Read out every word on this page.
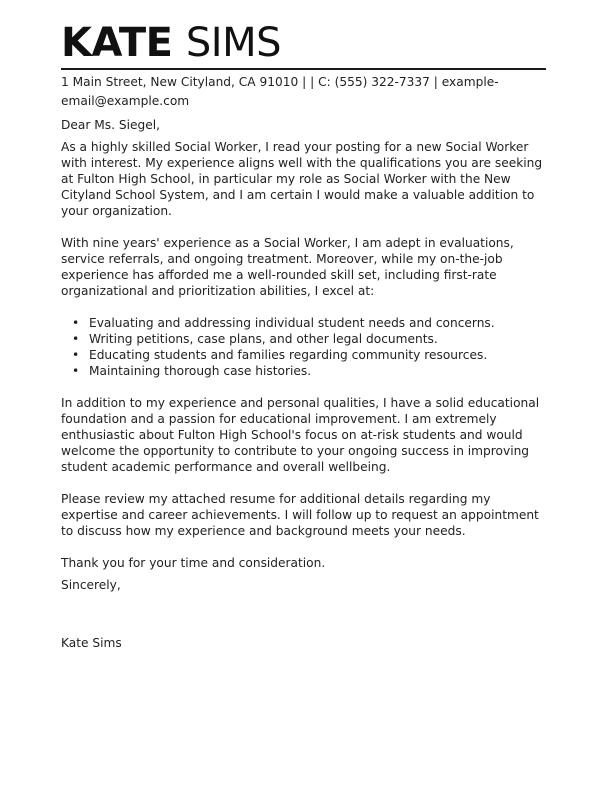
KATE SIMS

1 Main Street, New Cityland, CA 91010 | | C: (555) 322-7337 | example-email@example.com

Dear Ms. Siegel,

As a highly skilled Social Worker, I read your posting for a new Social Worker with interest. My experience aligns well with the qualifications you are seeking at Fulton High School, in particular my role as Social Worker with the New Cityland School System, and I am certain I would make a valuable addition to your organization.

With nine years' experience as a Social Worker, I am adept in evaluations, service referrals, and ongoing treatment. Moreover, while my on-the-job experience has afforded me a well-rounded skill set, including first-rate organizational and prioritization abilities, I excel at:

• Evaluating and addressing individual student needs and concerns.
• Writing petitions, case plans, and other legal documents.
• Educating students and families regarding community resources.
• Maintaining thorough case histories.

In addition to my experience and personal qualities, I have a solid educational foundation and a passion for educational improvement. I am extremely enthusiastic about Fulton High School's focus on at-risk students and would welcome the opportunity to contribute to your ongoing success in improving student academic performance and overall wellbeing.

Please review my attached resume for additional details regarding my expertise and career achievements. I will follow up to request an appointment to discuss how my experience and background meets your needs.

Thank you for your time and consideration.

Sincerely,

Kate Sims
